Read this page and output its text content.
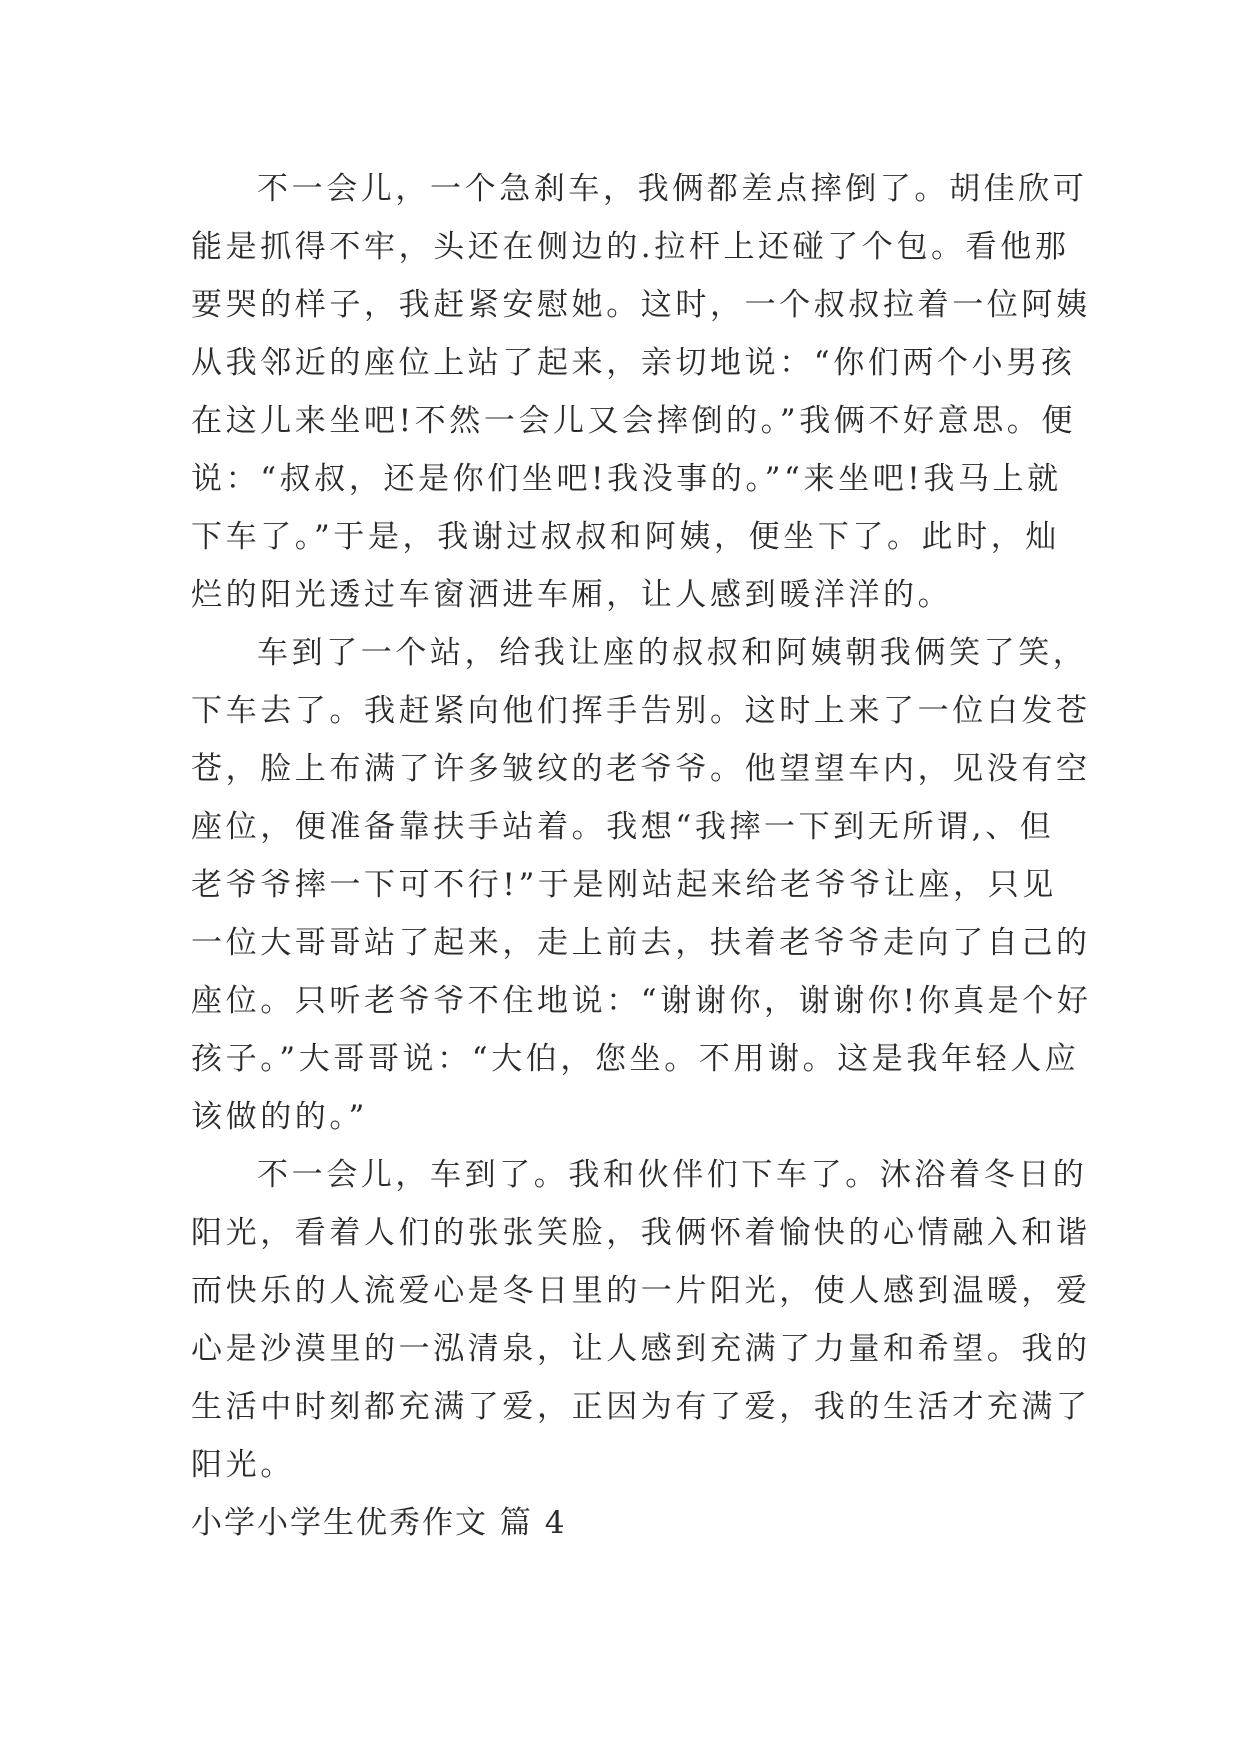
不一会儿，一个急刹车，我俩都差点摔倒了。胡佳欣可
能是抓得不牢，头还在侧边的.拉杆上还碰了个包。看他那
要哭的样子，我赶紧安慰她。这时，一个叔叔拉着一位阿姨
从我邻近的座位上站了起来，亲切地说：“你们两个小男孩
在这儿来坐吧!不然一会儿又会摔倒的。”我俩不好意思。便
说：“叔叔，还是你们坐吧!我没事的。”“来坐吧!我马上就
下车了。”于是，我谢过叔叔和阿姨，便坐下了。此时，灿
烂的阳光透过车窗洒进车厢，让人感到暖洋洋的。
车到了一个站，给我让座的叔叔和阿姨朝我俩笑了笑，
下车去了。我赶紧向他们挥手告别。这时上来了一位白发苍
苍，脸上布满了许多皱纹的老爷爷。他望望车内，见没有空
座位，便准备靠扶手站着。我想“我摔一下到无所谓,、但
老爷爷摔一下可不行!”于是刚站起来给老爷爷让座，只见
一位大哥哥站了起来，走上前去，扶着老爷爷走向了自己的
座位。只听老爷爷不住地说：“谢谢你，谢谢你!你真是个好
孩子。”大哥哥说：“大伯，您坐。不用谢。这是我年轻人应
该做的的。”
不一会儿，车到了。我和伙伴们下车了。沐浴着冬日的
阳光，看着人们的张张笑脸，我俩怀着愉快的心情融入和谐
而快乐的人流爱心是冬日里的一片阳光，使人感到温暖，爱
心是沙漠里的一泓清泉，让人感到充满了力量和希望。我的
生活中时刻都充满了爱，正因为有了爱，我的生活才充满了
阳光。
小学小学生优秀作文 篇 4
